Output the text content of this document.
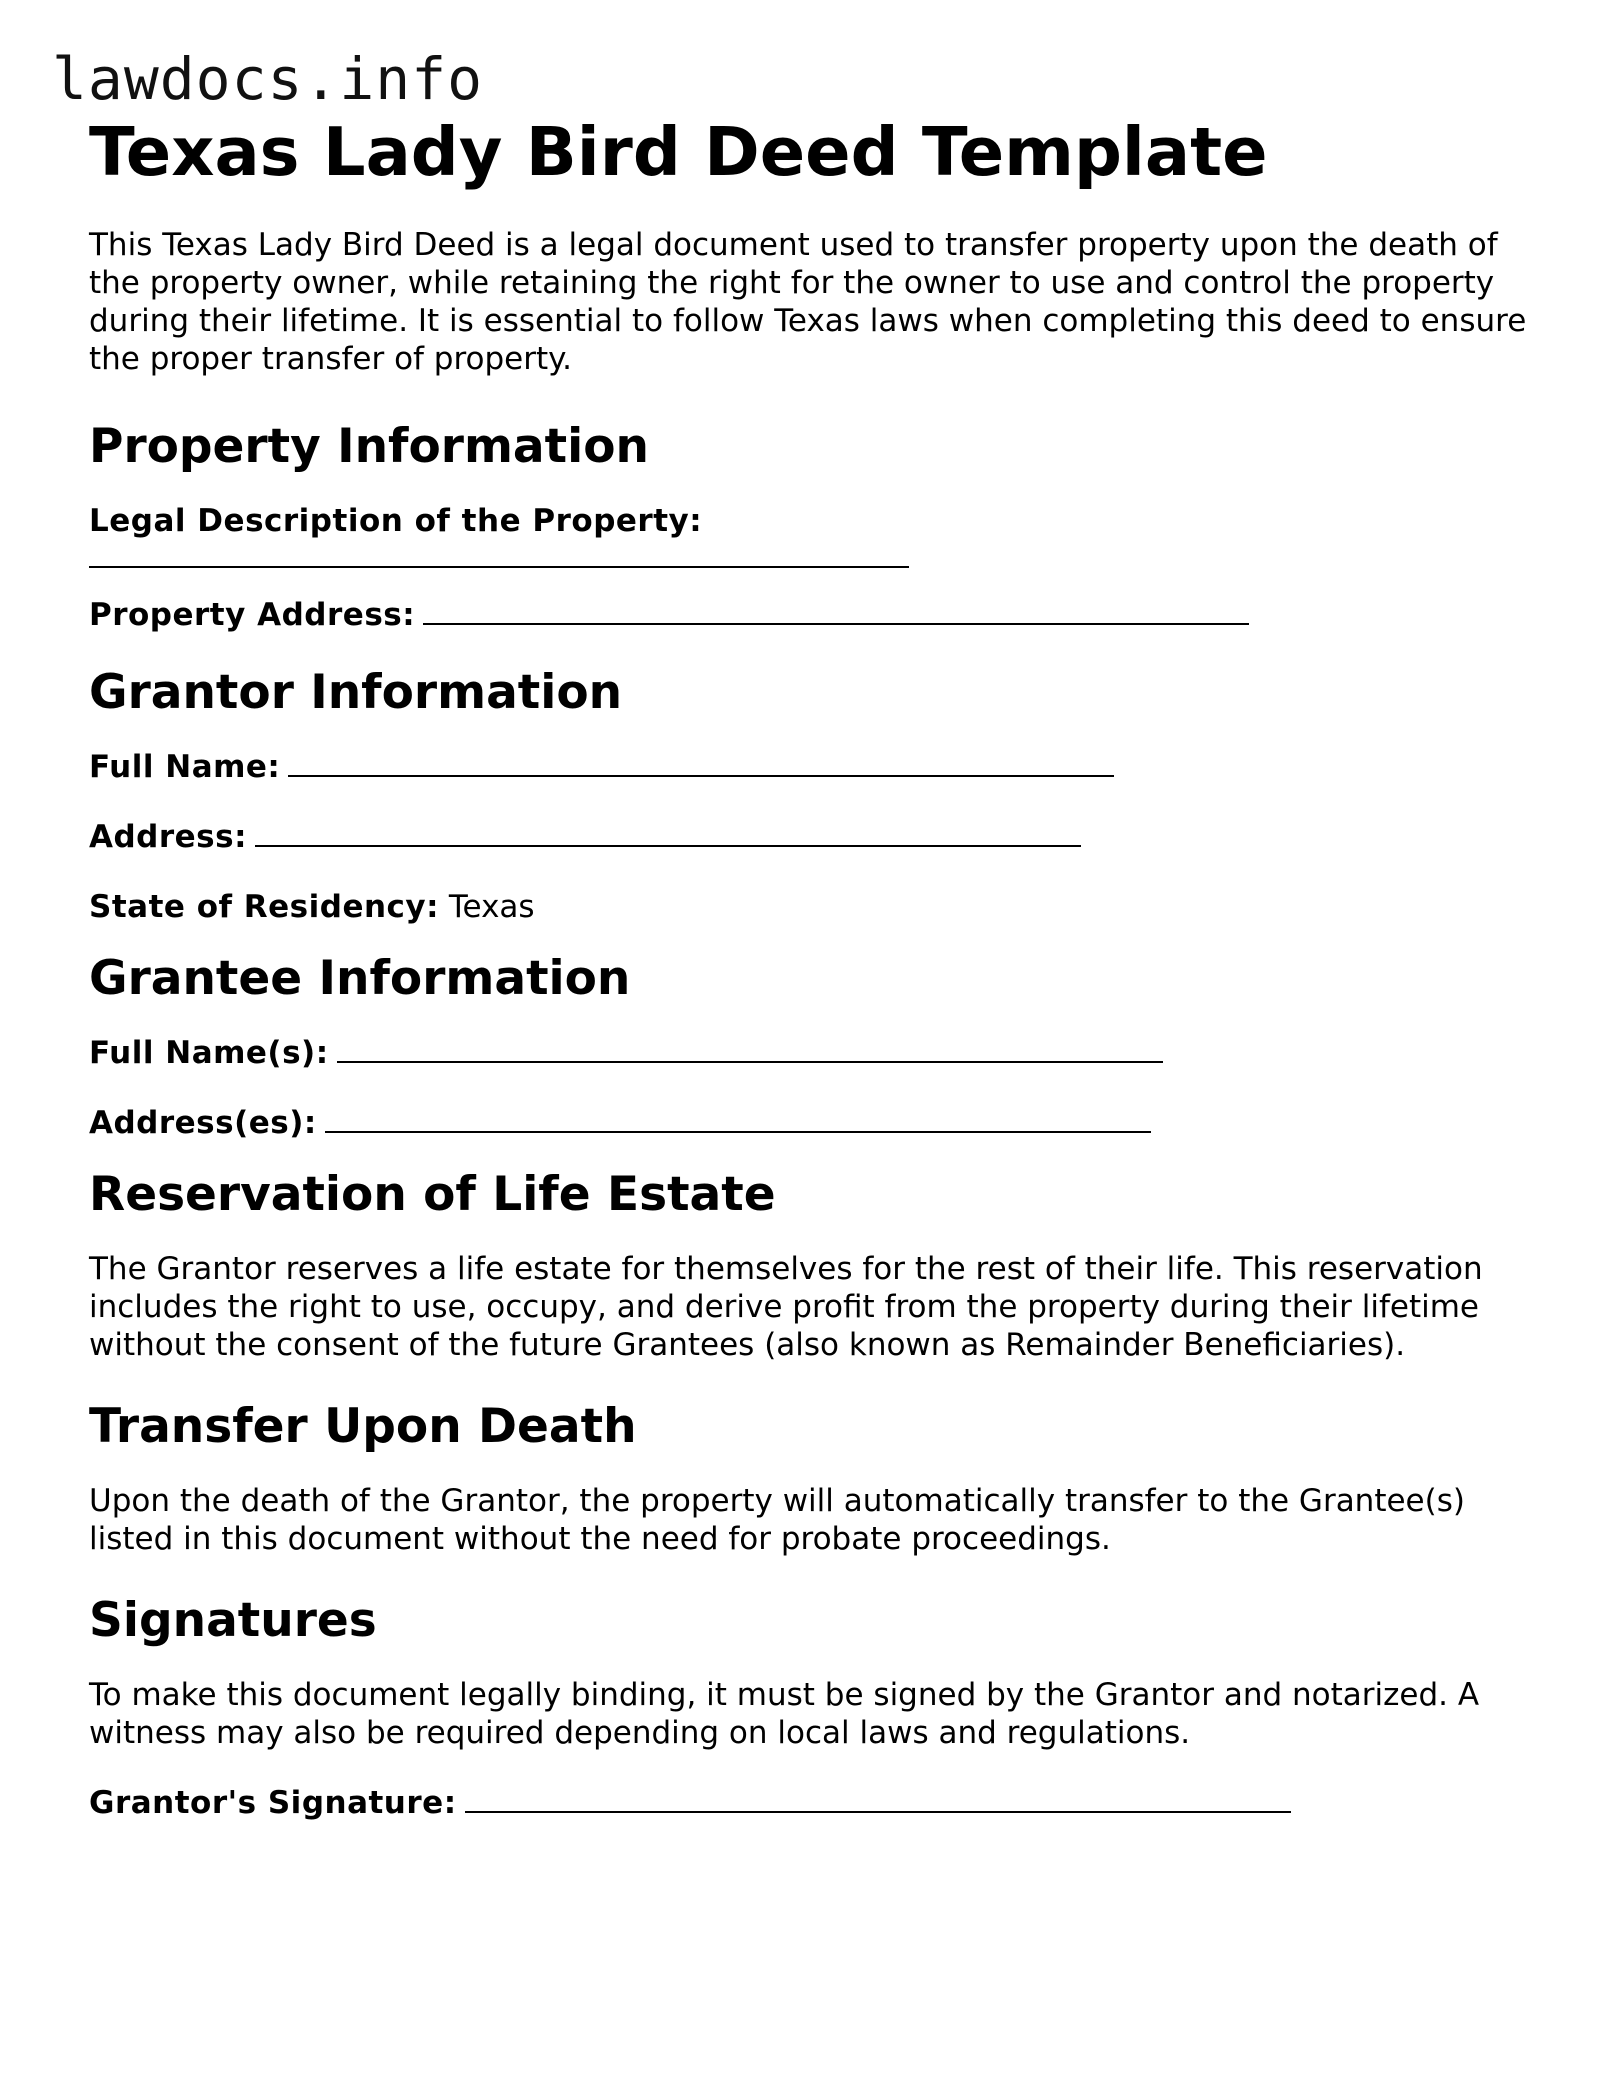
lawdocs.info
Texas Lady Bird Deed Template

This Texas Lady Bird Deed is a legal document used to transfer property upon the death of the property owner, while retaining the right for the owner to use and control the property during their lifetime. It is essential to follow Texas laws when completing this deed to ensure the proper transfer of property.

Property Information
Legal Description of the Property:
Property Address:
Grantor Information
Full Name:
Address:
State of Residency: Texas
Grantee Information
Full Name(s):
Address(es):
Reservation of Life Estate
The Grantor reserves a life estate for themselves for the rest of their life. This reservation includes the right to use, occupy, and derive profit from the property during their lifetime without the consent of the future Grantees (also known as Remainder Beneficiaries).
Transfer Upon Death
Upon the death of the Grantor, the property will automatically transfer to the Grantee(s) listed in this document without the need for probate proceedings.
Signatures
To make this document legally binding, it must be signed by the Grantor and notarized. A witness may also be required depending on local laws and regulations.
Grantor's Signature:
